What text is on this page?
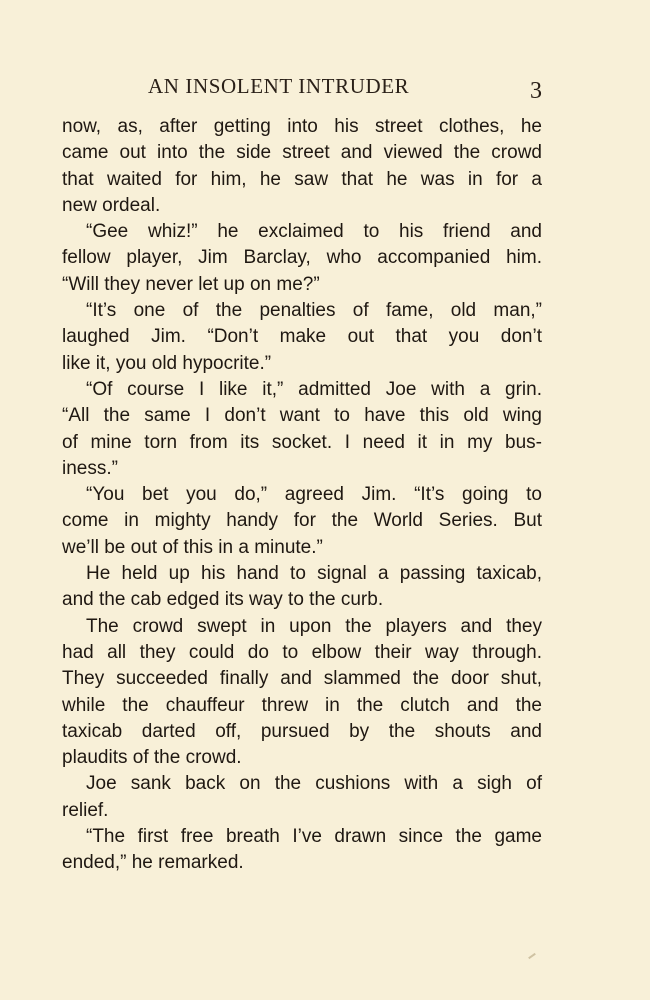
AN INSOLENT INTRUDER	3
now, as, after getting into his street clothes, he
came out into the side street and viewed the crowd
that waited for him, he saw that he was in for a
new ordeal.
“Gee whiz!” he exclaimed to his friend and
fellow player, Jim Barclay, who accompanied him.
“Will they never let up on me?”
“It’s one of the penalties of fame, old man,”
laughed Jim. “Don’t make out that you don’t
like it, you old hypocrite.”
“Of course I like it,” admitted Joe with a grin.
“All the same I don’t want to have this old wing
of mine torn from its socket. I need it in my bus-
iness.”
“You bet you do,” agreed Jim. “It’s going to
come in mighty handy for the World Series. But
we’ll be out of this in a minute.”
He held up his hand to signal a passing taxicab,
and the cab edged its way to the curb.
The crowd swept in upon the players and they
had all they could do to elbow their way through.
They succeeded finally and slammed the door shut,
while the chauffeur threw in the clutch and the
taxicab darted off, pursued by the shouts and
plaudits of the crowd.
Joe sank back on the cushions with a sigh of
relief.
“The first free breath I’ve drawn since the game
ended,” he remarked.
